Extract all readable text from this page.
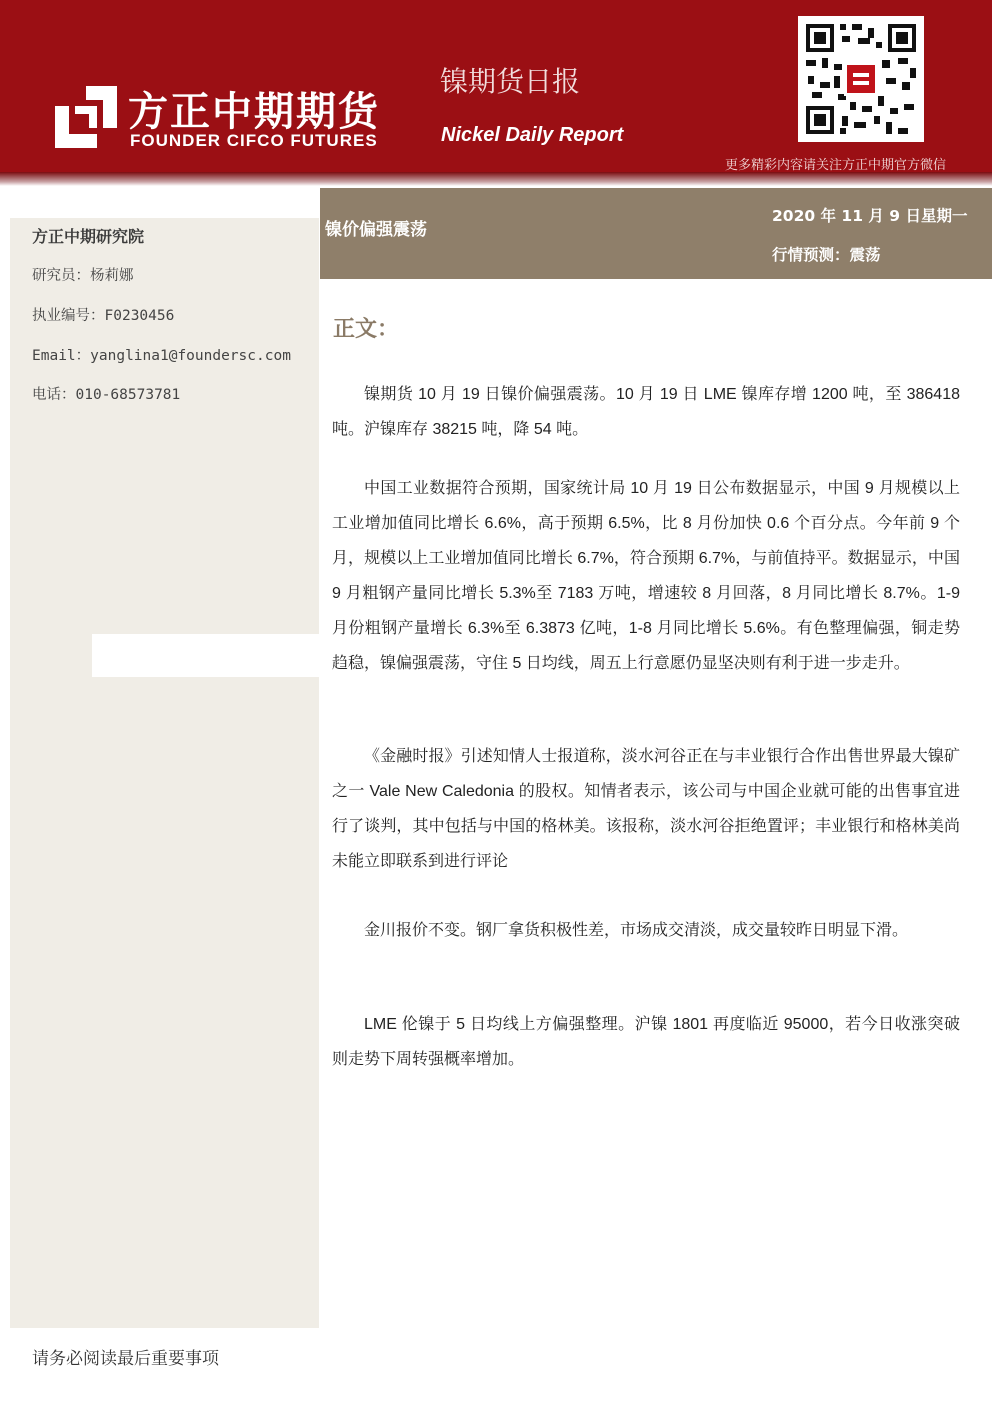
方正中期期货
FOUNDER CIFCO FUTURES
镍期货日报
Nickel Daily Report
更多精彩内容请关注方正中期官方微信
方正中期研究院
研究员：杨莉娜
执业编号：F0230456
Email：yanglina1@foundersc.com
电话：010-68573781
镍价偏强震荡
2020 年 11 月 9 日星期一
行情预测：震荡
正文：
镍期货 10 月 19 日镍价偏强震荡。10 月 19 日 LME 镍库存增 1200 吨，至 386418 吨。沪镍库存 38215 吨，降 54 吨。
中国工业数据符合预期，国家统计局 10 月 19 日公布数据显示，中国 9 月规模以上工业增加值同比增长 6.6%，高于预期 6.5%，比 8 月份加快 0.6 个百分点。今年前 9 个月，规模以上工业增加值同比增长 6.7%，符合预期 6.7%，与前值持平。数据显示，中国 9 月粗钢产量同比增长 5.3%至 7183 万吨，增速较 8 月回落，8 月同比增长 8.7%。1-9 月份粗钢产量增长 6.3%至 6.3873 亿吨，1-8 月同比增长 5.6%。有色整理偏强，铜走势趋稳，镍偏强震荡，守住 5 日均线，周五上行意愿仍显坚决则有利于进一步走升。
《金融时报》引述知情人士报道称，淡水河谷正在与丰业银行合作出售世界最大镍矿之一 Vale New Caledonia 的股权。知情者表示，该公司与中国企业就可能的出售事宜进行了谈判，其中包括与中国的格林美。该报称，淡水河谷拒绝置评；丰业银行和格林美尚未能立即联系到进行评论
金川报价不变。钢厂拿货积极性差，市场成交清淡，成交量较昨日明显下滑。
LME 伦镍于 5 日均线上方偏强整理。沪镍 1801 再度临近 95000，若今日收涨突破则走势下周转强概率增加。
请务必阅读最后重要事项
